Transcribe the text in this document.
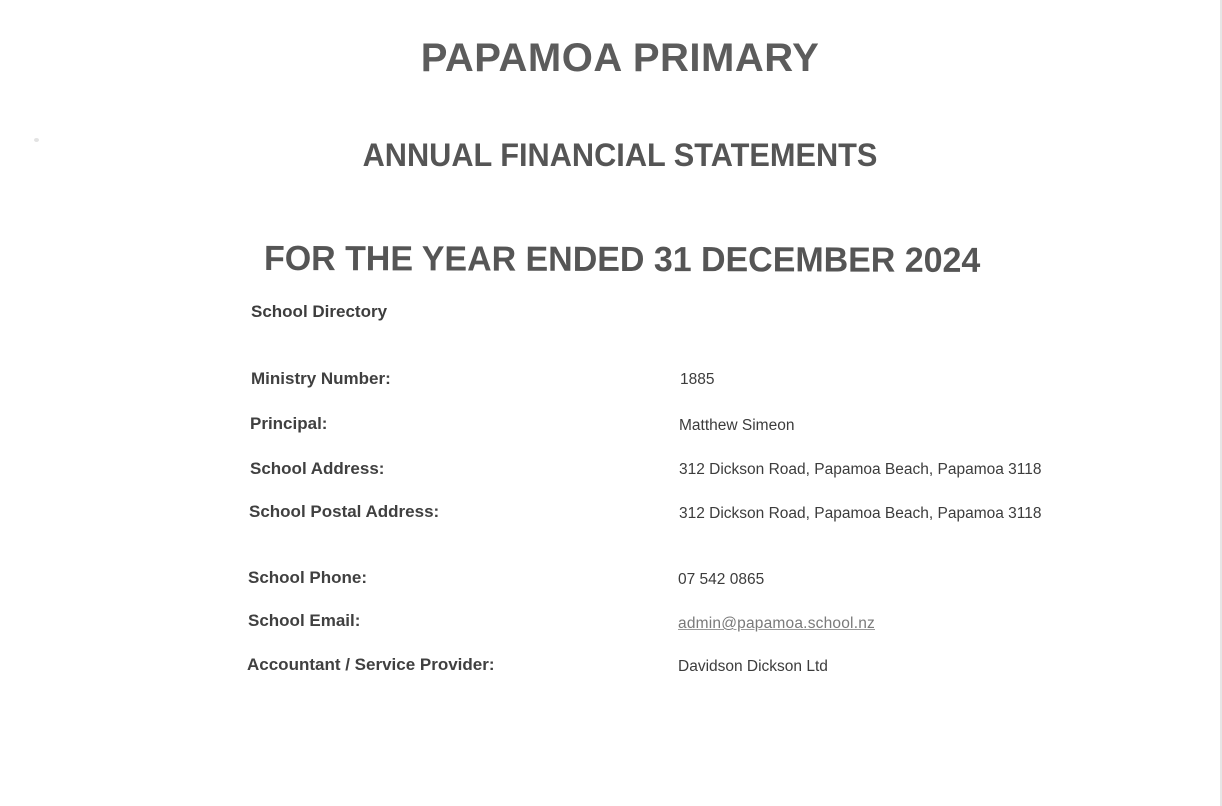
PAPAMOA PRIMARY
ANNUAL FINANCIAL STATEMENTS
FOR THE YEAR ENDED 31 DECEMBER 2024
School Directory
Ministry Number:	1885
Principal:	Matthew Simeon
School Address:	312 Dickson Road, Papamoa Beach, Papamoa 3118
School Postal Address:	312 Dickson Road, Papamoa Beach, Papamoa 3118
School Phone:	07 542 0865
School Email:	admin@papamoa.school.nz
Accountant / Service Provider:	Davidson Dickson Ltd
